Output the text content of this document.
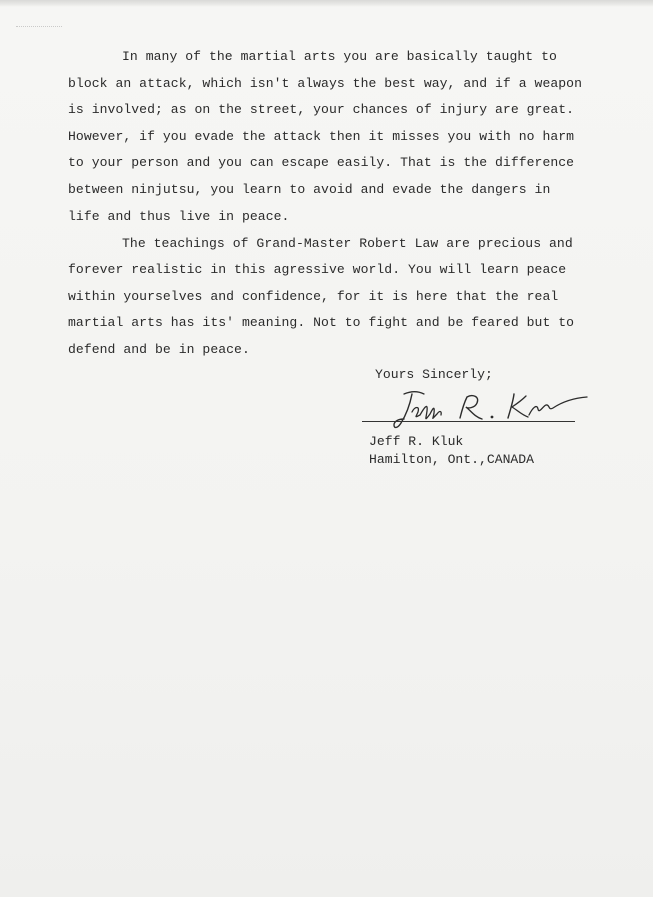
In many of the martial arts you are basically taught to
block an attack, which isn't always the best way, and if a weapon
is involved; as on the street, your chances of injury are great.
However, if you evade the attack then it misses you with no harm
to your person and you can escape easily. That is the difference
between ninjutsu, you learn to avoid and evade the dangers in
life and thus live in peace.
The teachings of Grand-Master Robert Law are precious and
forever realistic in this agressive world. You will learn peace
within yourselves and confidence, for it is here that the real
martial arts has its' meaning. Not to fight and be feared but to
defend and be in peace.
Yours Sincerly;
Jeff R. Kluk
Hamilton, Ont.,CANADA
